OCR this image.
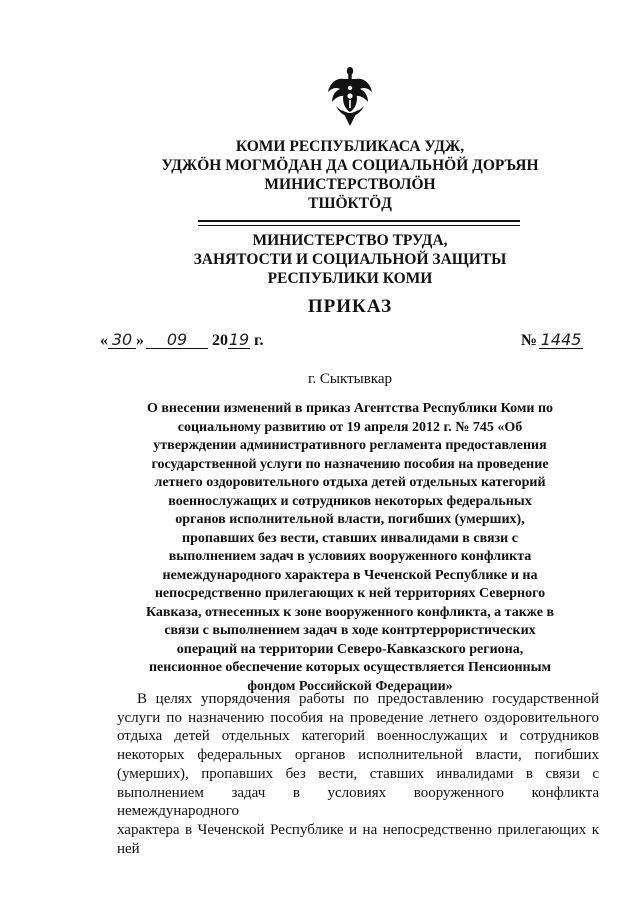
КОМИ РЕСПУБЛИКАСА УДЖ,
УДЖÖН МОГМÖДАН ДА СОЦИАЛЬНÖЙ ДОРЪЯН
МИНИСТЕРСТВОЛÖН
ТШÖКТÖД
МИНИСТЕРСТВО ТРУДА,
ЗАНЯТОСТИ И СОЦИАЛЬНОЙ ЗАЩИТЫ
РЕСПУБЛИКИ КОМИ
ПРИКАЗ
« 30 » 09 2019 г.	№ 1445
г. Сыктывкар
О внесении изменений в приказ Агентства Республики Коми по
социальному развитию от 19 апреля 2012 г. № 745 «Об
утверждении административного регламента предоставления
государственной услуги по назначению пособия на проведение
летнего оздоровительного отдыха детей отдельных категорий
военнослужащих и сотрудников некоторых федеральных
органов исполнительной власти, погибших (умерших),
пропавших без вести, ставших инвалидами в связи с
выполнением задач в условиях вооруженного конфликта
немеждународного характера в Чеченской Республике и на
непосредственно прилегающих к ней территориях Северного
Кавказа, отнесенных к зоне вооруженного конфликта, а также в
связи с выполнением задач в ходе контртеррористических
операций на территории Северо-Кавказского региона,
пенсионное обеспечение которых осуществляется Пенсионным
фондом Российской Федерации»
В целях упорядочения работы по предоставлению государственной
услуги по назначению пособия на проведение летнего оздоровительного
отдыха детей отдельных категорий военнослужащих и сотрудников
некоторых федеральных органов исполнительной власти, погибших
(умерших), пропавших без вести, ставших инвалидами в связи с
выполнением задач в условиях вооруженного конфликта немеждународного
характера в Чеченской Республике и на непосредственно прилегающих к ней
